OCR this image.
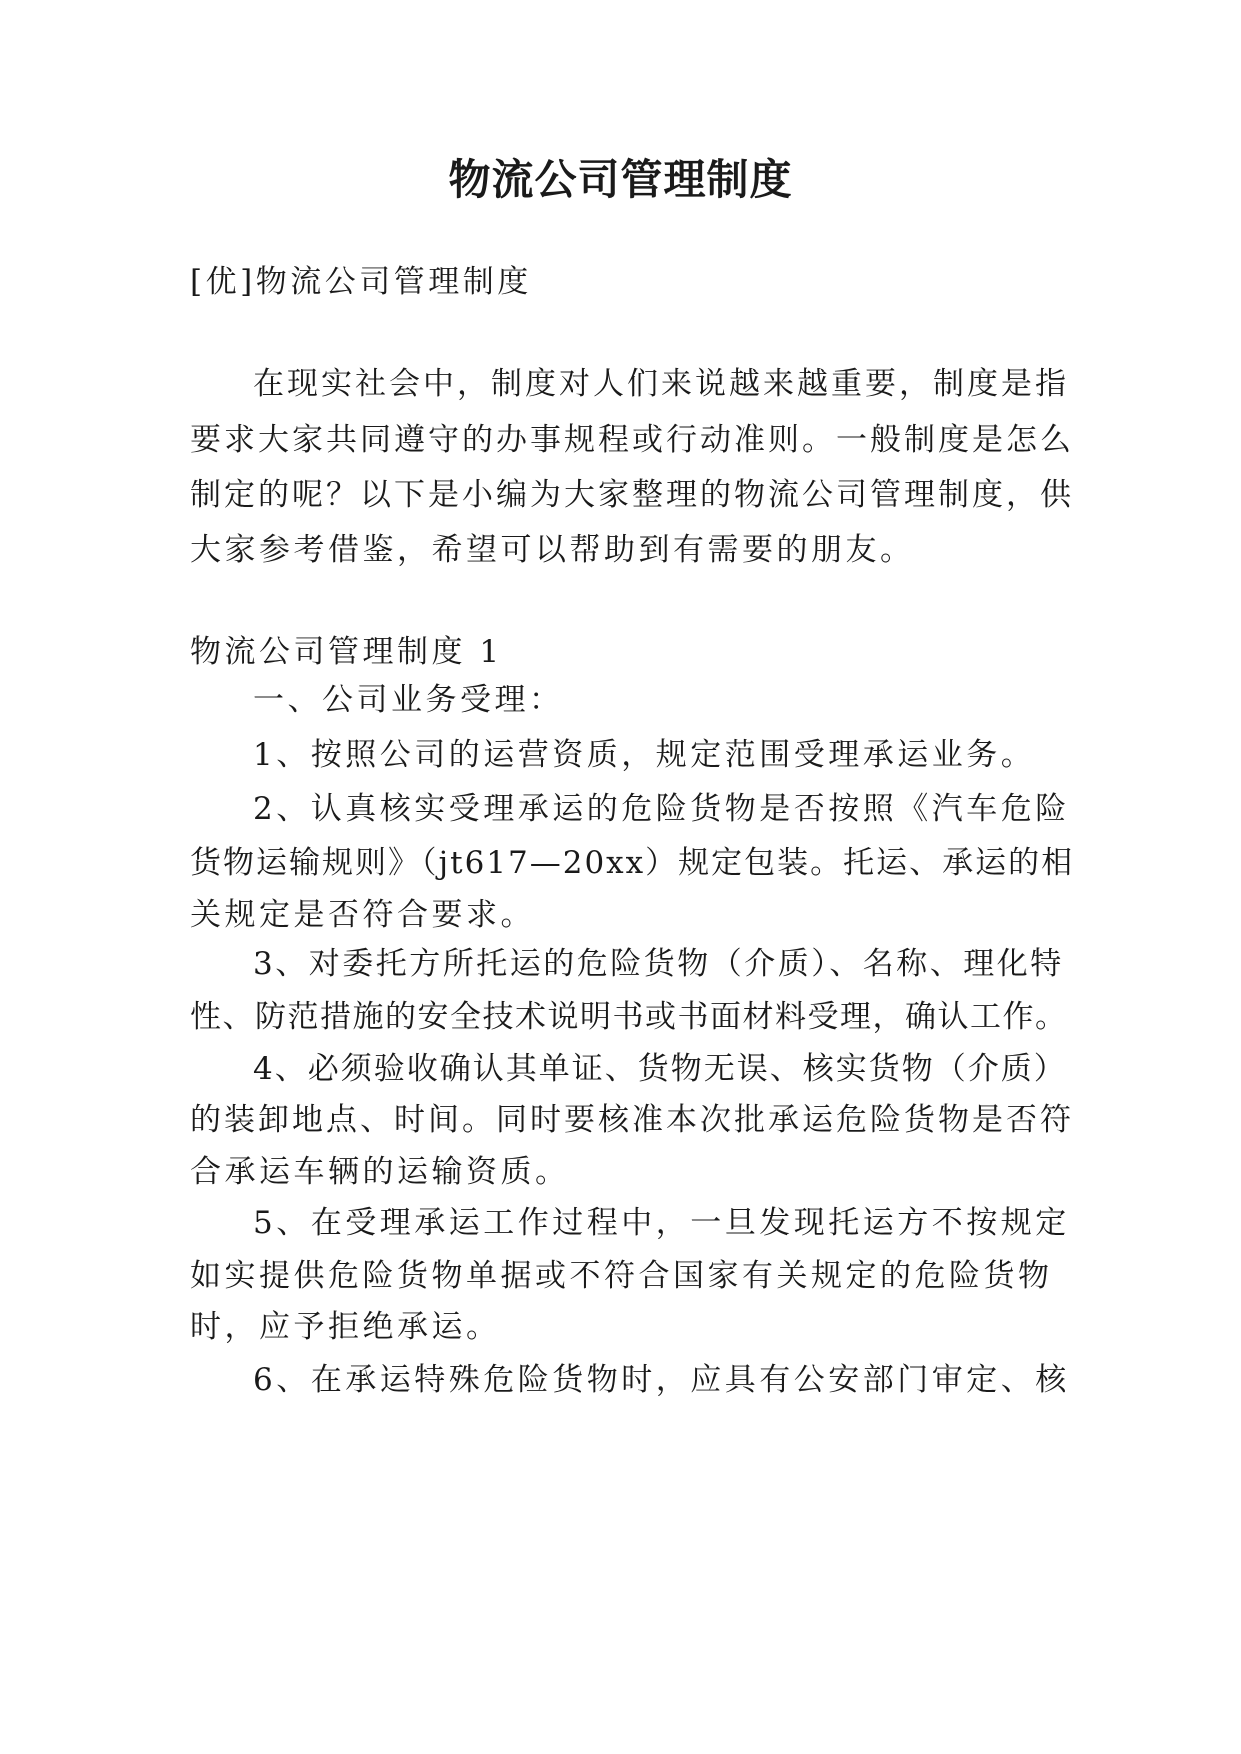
物流公司管理制度
[优]物流公司管理制度
在现实社会中，制度对人们来说越来越重要，制度是指
要求大家共同遵守的办事规程或行动准则。一般制度是怎么
制定的呢？以下是小编为大家整理的物流公司管理制度，供
大家参考借鉴，希望可以帮助到有需要的朋友。
物流公司管理制度 1
一、公司业务受理：
1、按照公司的运营资质，规定范围受理承运业务。
2、认真核实受理承运的危险货物是否按照《汽车危险
货物运输规则》（jt617—20xx）规定包装。托运、承运的相
关规定是否符合要求。
3、对委托方所托运的危险货物（介质）、名称、理化特
性、防范措施的安全技术说明书或书面材料受理，确认工作。
4、必须验收确认其单证、货物无误、核实货物（介质）
的装卸地点、时间。同时要核准本次批承运危险货物是否符
合承运车辆的运输资质。
5、在受理承运工作过程中，一旦发现托运方不按规定
如实提供危险货物单据或不符合国家有关规定的危险货物
时，应予拒绝承运。
6、在承运特殊危险货物时，应具有公安部门审定、核
